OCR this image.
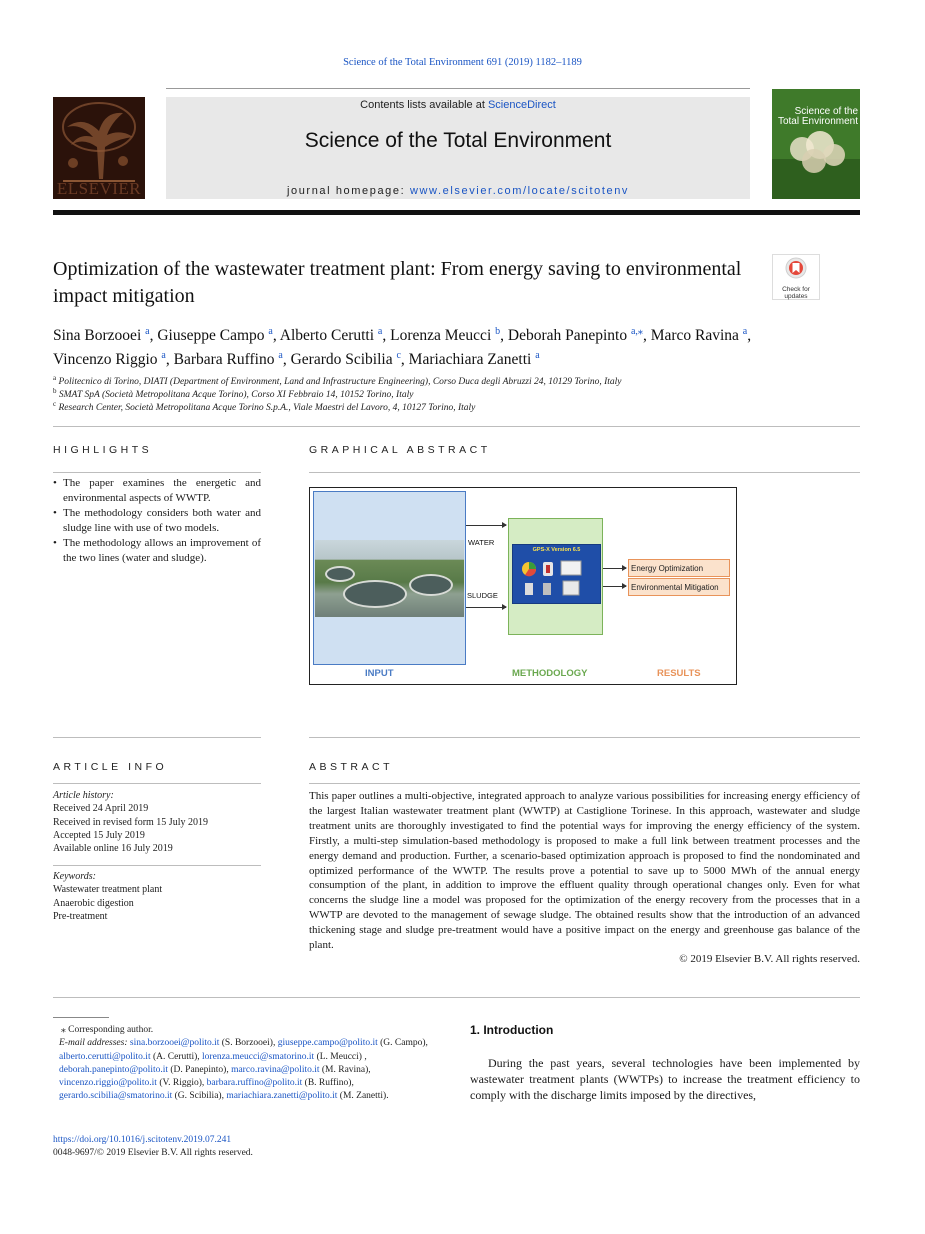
Science of the Total Environment 691 (2019) 1182–1189
ELSEVIER
Contents lists available at ScienceDirect
Science of the Total Environment
journal homepage: www.elsevier.com/locate/scitotenv
Science of the Total Environment
Optimization of the wastewater treatment plant: From energy saving to environmental impact mitigation	Check for
updates
Sina Borzooei $^a$, Giuseppe Campo $^a$, Alberto Cerutti $^a$, Lorenza Meucci $^b$, Deborah Panepinto $^{a,⁎}$, Marco Ravina $^a$,
Vincenzo Riggio $^a$, Barbara Ruffino $^a$, Gerardo Scibilia $^c$, Mariachiara Zanetti $^a$
$^a$ Politecnico di Torino, DIATI (Department of Environment, Land and Infrastructure Engineering), Corso Duca degli Abruzzi 24, 10129 Torino, Italy
$^b$ SMAT SpA (Società Metropolitana Acque Torino), Corso XI Febbraio 14, 10152 Torino, Italy
$^c$ Research Center, Società Metropolitana Acque Torino S.p.A., Viale Maestri del Lavoro, 4, 10127 Torino, Italy
HIGHLIGHTS
• The paper examines the energetic and environmental aspects of WWTP.
• The methodology considers both water and sludge line with use of two models.
• The methodology allows an improvement of the two lines (water and sludge).
GRAPHICAL ABSTRACT
WATER
SLUDGE
GPS-X Version 6.5
Energy Optimization
Environmental Mitigation
INPUT	METHODOLOGY	RESULTS
ARTICLE INFO	ABSTRACT
Article history:
Received 24 April 2019
Received in revised form 15 July 2019
Accepted 15 July 2019
Available online 16 July 2019
Keywords:
Wastewater treatment plant
Anaerobic digestion
Pre-treatment
This paper outlines a multi-objective, integrated approach to analyze various possibilities for increasing energy efficiency of the largest Italian wastewater treatment plant (WWTP) at Castiglione Torinese. In this approach, wastewater and sludge treatment units are thoroughly investigated to find the potential ways for improving the energy efficiency of the system. Firstly, a multi-step simulation-based methodology is proposed to make a full link between treatment processes and the energy demand and production. Further, a scenario-based optimization approach is proposed to find the nondominated and optimized performance of the WWTP. The results prove a potential to save up to 5000 MWh of the annual energy consumption of the plant, in addition to improve the effluent quality through operational changes only. Even for what concerns the sludge line a model was proposed for the optimization of the energy recovery from the processes that in a WWTP are devoted to the management of sewage sludge. The obtained results show that the introduction of an advanced thickening stage and sludge pre-treatment would have a positive impact on the energy and greenhouse gas balance of the plant.
© 2019 Elsevier B.V. All rights reserved.
⁎ Corresponding author.
E-mail addresses: sina.borzooei@polito.it (S. Borzooei), giuseppe.campo@polito.it (G. Campo), alberto.cerutti@polito.it (A. Cerutti), lorenza.meucci@smatorino.it (L. Meucci) , deborah.panepinto@polito.it (D. Panepinto), marco.ravina@polito.it (M. Ravina), vincenzo.riggio@polito.it (V. Riggio), barbara.ruffino@polito.it (B. Ruffino), gerardo.scibilia@smatorino.it (G. Scibilia), mariachiara.zanetti@polito.it (M. Zanetti).
1. Introduction
During the past years, several technologies have been implemented by wastewater treatment plants (WWTPs) to increase the treatment efficiency to comply with the discharge limits imposed by the directives,
https://doi.org/10.1016/j.scitotenv.2019.07.241
0048-9697/© 2019 Elsevier B.V. All rights reserved.
